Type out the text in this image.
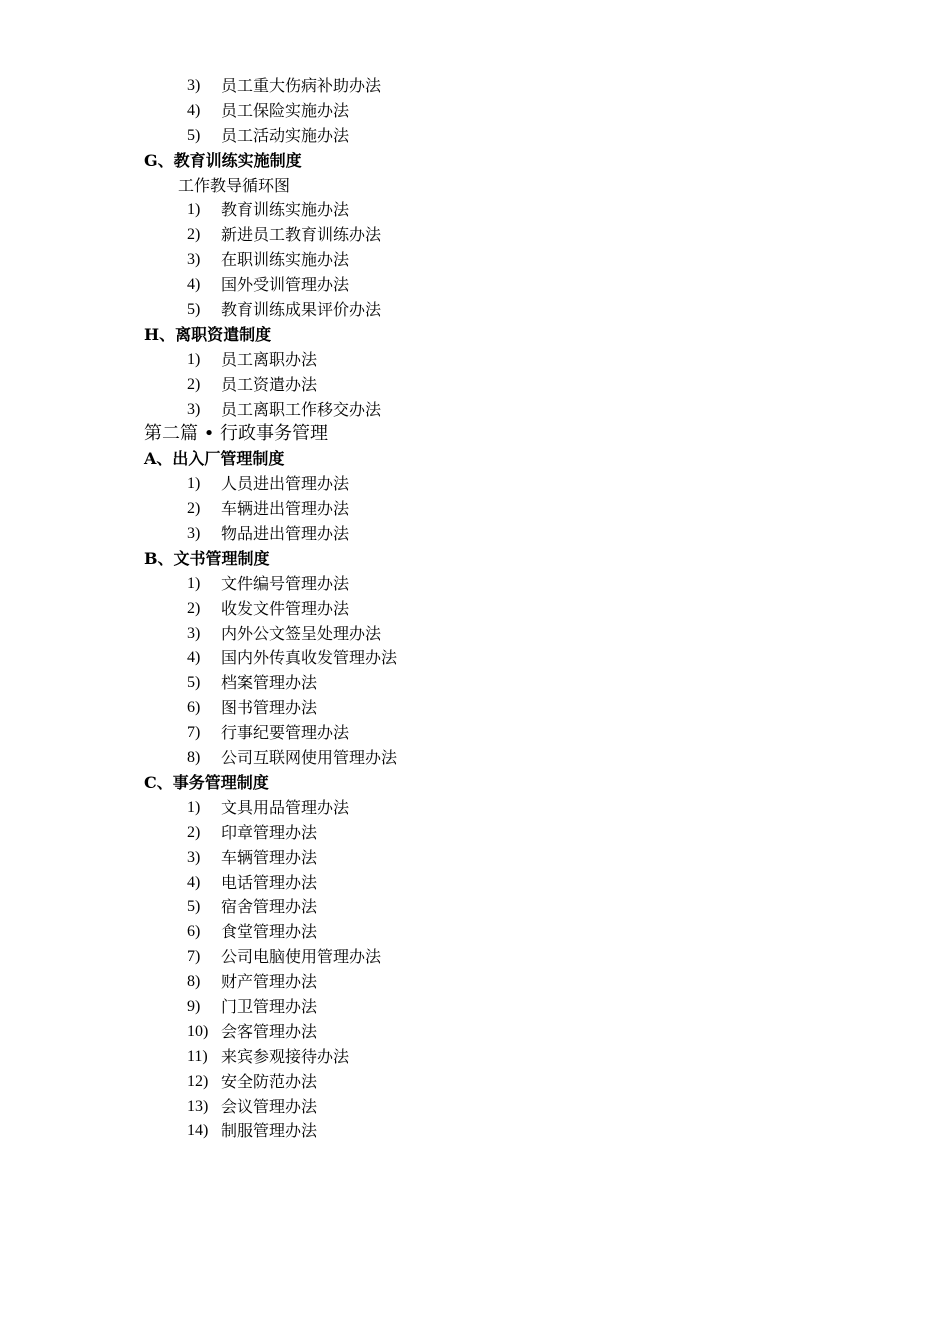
3)	员工重大伤病补助办法
4)	员工保险实施办法
5)	员工活动实施办法
G、教育训练实施制度
工作教导循环图
1)	教育训练实施办法
2)	新进员工教育训练办法
3)	在职训练实施办法
4)	国外受训管理办法
5)	教育训练成果评价办法
H、离职资遣制度
1)	员工离职办法
2)	员工资遣办法
3)	员工离职工作移交办法
第二篇 • 行政事务管理
A、出入厂管理制度
1)	人员进出管理办法
2)	车辆进出管理办法
3)	物品进出管理办法
B、文书管理制度
1)	文件编号管理办法
2)	收发文件管理办法
3)	内外公文签呈处理办法
4)	国内外传真收发管理办法
5)	档案管理办法
6)	图书管理办法
7)	行事纪要管理办法
8)	公司互联网使用管理办法
C、事务管理制度
1)	文具用品管理办法
2)	印章管理办法
3)	车辆管理办法
4)	电话管理办法
5)	宿舍管理办法
6)	食堂管理办法
7)	公司电脑使用管理办法
8)	财产管理办法
9)	门卫管理办法
10) 会客管理办法
11) 来宾参观接待办法
12) 安全防范办法
13) 会议管理办法
14) 制服管理办法
